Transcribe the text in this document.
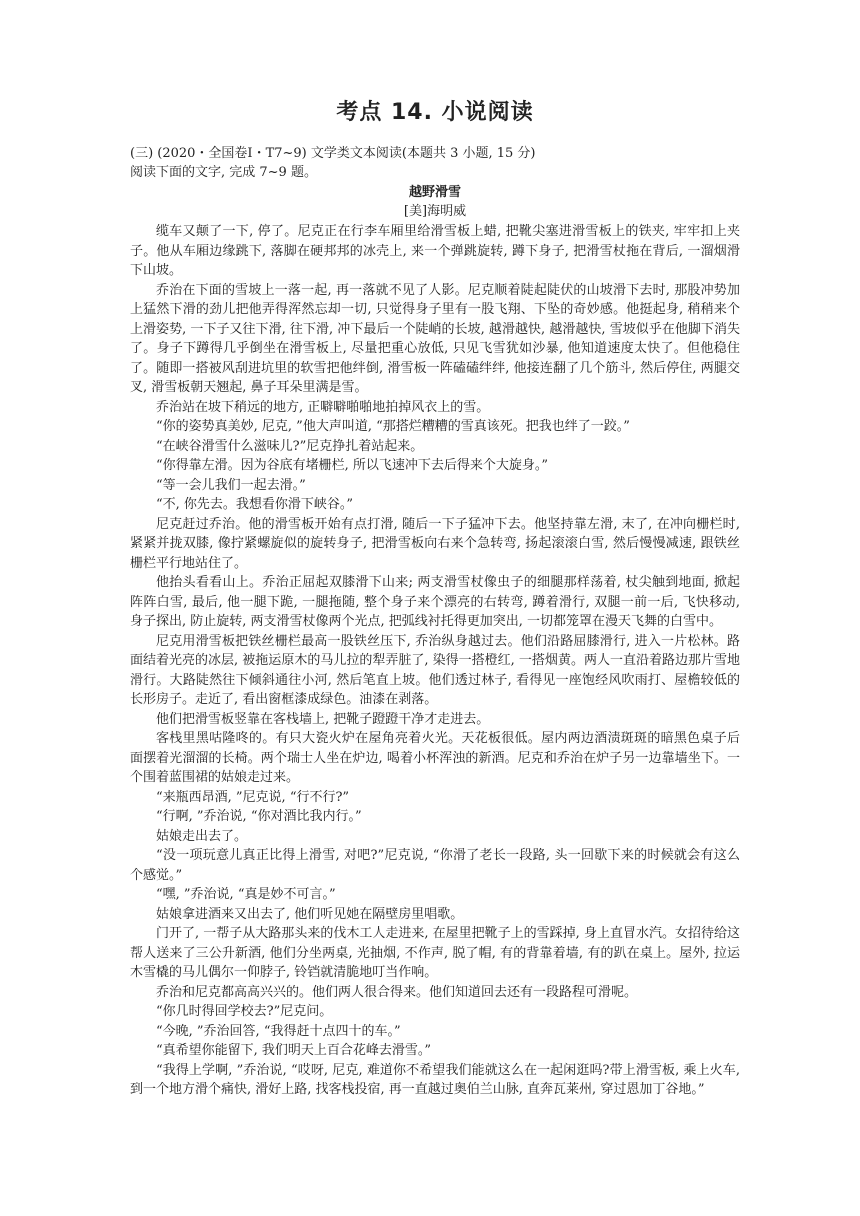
考点 14. 小说阅读

(三) (2020・全国卷Ⅰ・T7~9) 文学类文本阅读(本题共 3 小题, 15 分)

阅读下面的文字, 完成 7~9 题。

越野滑雪

[美]海明威

缆车又颠了一下, 停了。尼克正在行李车厢里给滑雪板上蜡, 把靴尖塞进滑雪板上的铁夹, 牢牢扣上夹子。他从车厢边缘跳下, 落脚在硬邦邦的冰壳上, 来一个弹跳旋转, 蹲下身子, 把滑雪杖拖在背后, 一溜烟滑下山坡。

乔治在下面的雪坡上一落一起, 再一落就不见了人影。尼克顺着陡起陡伏的山坡滑下去时, 那股冲势加上猛然下滑的劲儿把他弄得浑然忘却一切, 只觉得身子里有一股飞翔、下坠的奇妙感。他挺起身, 稍稍来个上滑姿势, 一下子又往下滑, 往下滑, 冲下最后一个陡峭的长坡, 越滑越快, 越滑越快, 雪坡似乎在他脚下消失了。身子下蹲得几乎倒坐在滑雪板上, 尽量把重心放低, 只见飞雪犹如沙暴, 他知道速度太快了。但他稳住了。随即一搭被风刮进坑里的软雪把他绊倒, 滑雪板一阵磕磕绊绊, 他接连翻了几个筋斗, 然后停住, 两腿交叉, 滑雪板朝天翘起, 鼻子耳朵里满是雪。

乔治站在坡下稍远的地方, 正噼噼啪啪地拍掉风衣上的雪。

“你的姿势真美妙, 尼克, ”他大声叫道, “那搭烂糟糟的雪真该死。把我也绊了一跤。”

“在峡谷滑雪什么滋味儿?”尼克挣扎着站起来。

“你得靠左滑。因为谷底有堵栅栏, 所以飞速冲下去后得来个大旋身。”

“等一会儿我们一起去滑。”

“不, 你先去。我想看你滑下峡谷。”

尼克赶过乔治。他的滑雪板开始有点打滑, 随后一下子猛冲下去。他坚持靠左滑, 末了, 在冲向栅栏时, 紧紧并拢双膝, 像拧紧螺旋似的旋转身子, 把滑雪板向右来个急转弯, 扬起滚滚白雪, 然后慢慢减速, 跟铁丝栅栏平行地站住了。

他抬头看看山上。乔治正屈起双膝滑下山来; 两支滑雪杖像虫子的细腿那样荡着, 杖尖触到地面, 掀起阵阵白雪, 最后, 他一腿下跪, 一腿拖随, 整个身子来个漂亮的右转弯, 蹲着滑行, 双腿一前一后, 飞快移动, 身子探出, 防止旋转, 两支滑雪杖像两个光点, 把弧线衬托得更加突出, 一切都笼罩在漫天飞舞的白雪中。

尼克用滑雪板把铁丝栅栏最高一股铁丝压下, 乔治纵身越过去。他们沿路屈膝滑行, 进入一片松林。路面结着光亮的冰层, 被拖运原木的马儿拉的犁弄脏了, 染得一搭橙红, 一搭烟黄。两人一直沿着路边那片雪地滑行。大路陡然往下倾斜通往小河, 然后笔直上坡。他们透过林子, 看得见一座饱经风吹雨打、屋檐较低的长形房子。走近了, 看出窗框漆成绿色。油漆在剥落。

他们把滑雪板竖靠在客栈墙上, 把靴子蹬蹬干净才走进去。

客栈里黑咕隆咚的。有只大瓷火炉在屋角亮着火光。天花板很低。屋内两边酒渍斑斑的暗黑色桌子后面摆着光溜溜的长椅。两个瑞士人坐在炉边, 喝着小杯浑浊的新酒。尼克和乔治在炉子另一边靠墙坐下。一个围着蓝围裙的姑娘走过来。

“来瓶西昂酒, ”尼克说, “行不行?”

“行啊, ”乔治说, “你对酒比我内行。”

姑娘走出去了。

“没一项玩意儿真正比得上滑雪, 对吧?”尼克说, “你滑了老长一段路, 头一回歇下来的时候就会有这么个感觉。”

“嘿, ”乔治说, “真是妙不可言。”

姑娘拿进酒来又出去了, 他们听见她在隔壁房里唱歌。

门开了, 一帮子从大路那头来的伐木工人走进来, 在屋里把靴子上的雪踩掉, 身上直冒水汽。女招待给这帮人送来了三公升新酒, 他们分坐两桌, 光抽烟, 不作声, 脱了帽, 有的背靠着墙, 有的趴在桌上。屋外, 拉运木雪橇的马儿偶尔一仰脖子, 铃铛就清脆地叮当作响。

乔治和尼克都高高兴兴的。他们两人很合得来。他们知道回去还有一段路程可滑呢。

“你几时得回学校去?”尼克问。

“今晚, ”乔治回答, “我得赶十点四十的车。”

“真希望你能留下, 我们明天上百合花峰去滑雪。”

“我得上学啊, ”乔治说, “哎呀, 尼克, 难道你不希望我们能就这么在一起闲逛吗?带上滑雪板, 乘上火车, 到一个地方滑个痛快, 滑好上路, 找客栈投宿, 再一直越过奥伯兰山脉, 直奔瓦莱州, 穿过恩加丁谷地。”
